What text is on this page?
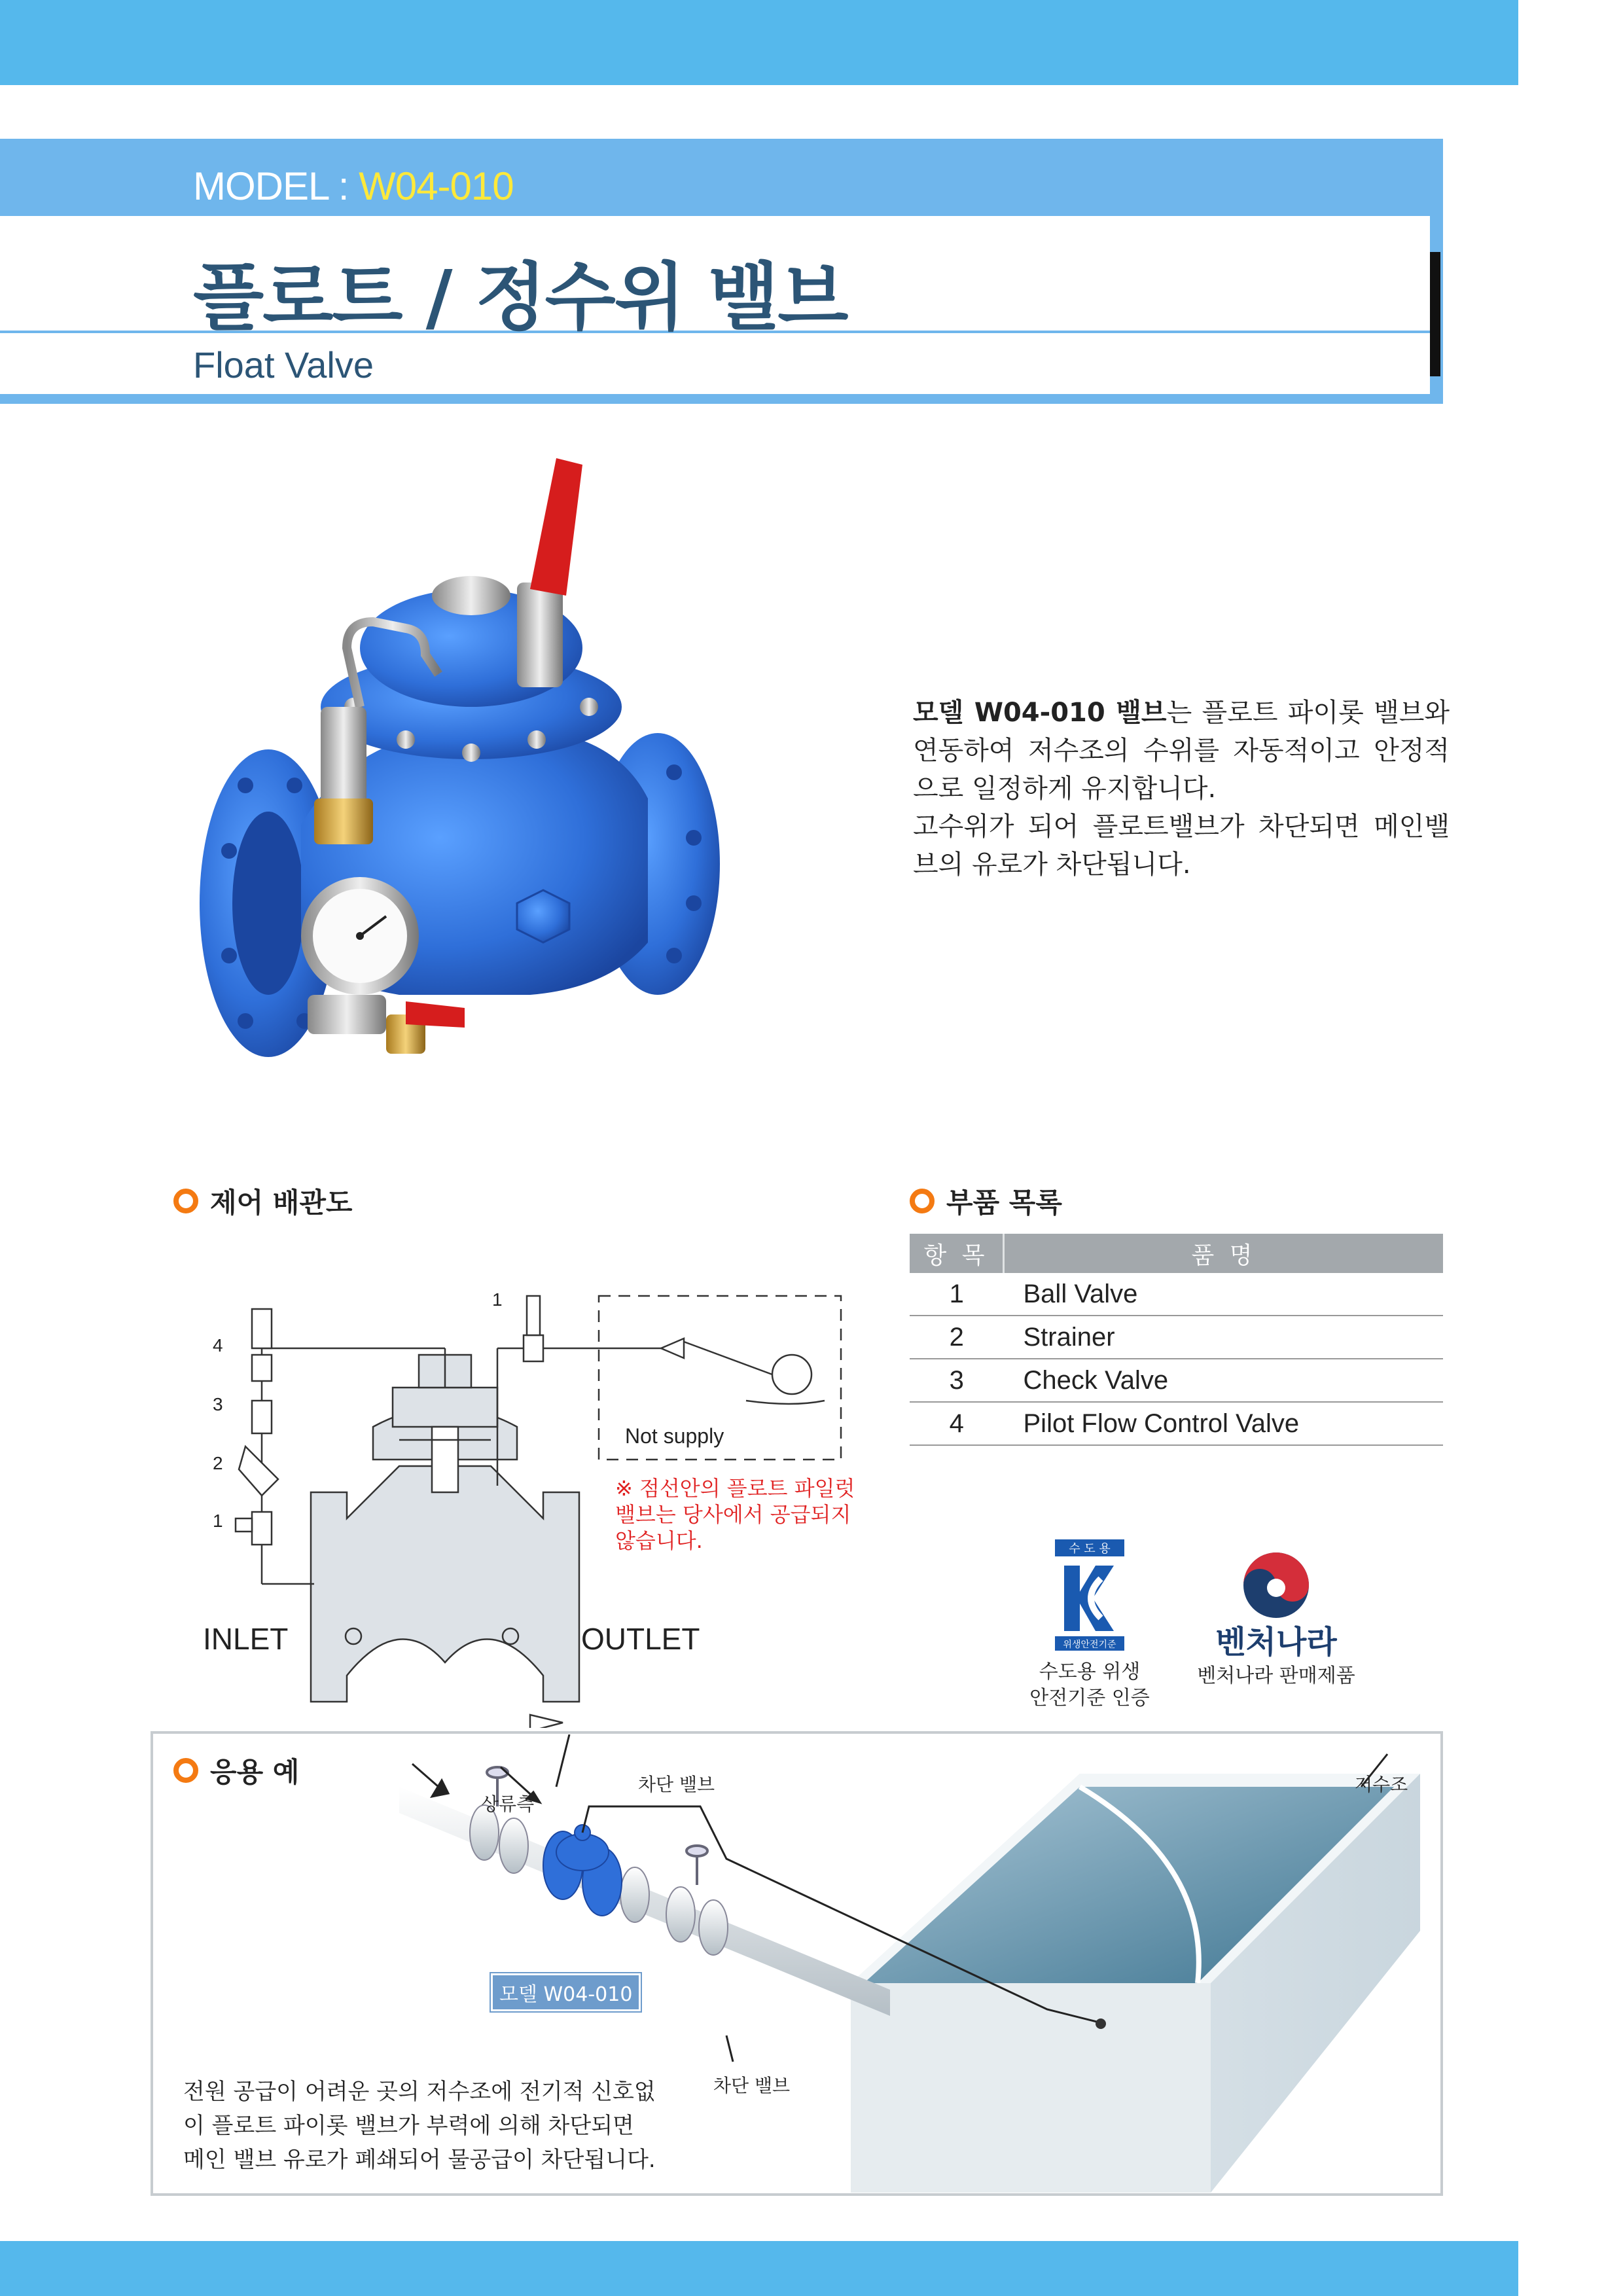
MODEL : W04-010
플로트 / 정수위 밸브
Float Valve

모델 W04-010 밸브는 플로트 파이롯 밸브와 연동하여 저수조의 수위를 자동적이고 안정적으로 일정하게 유지합니다.

고수위가 되어 플로트밸브가 차단되면 메인밸브의 유로가 차단됩니다.

제어 배관도	부품 목록
항 목	품 명
1	Ball Valve
2	Strainer
3	Check Valve
4	Pilot Flow Control Valve
1
1
2
3
4
Not supply
INLET	OUTLET
※ 점선안의 플로트 파일럿
밸브는 당사에서 공급되지
않습니다.	수 도 용
위생안전기준
수도용 위생
안전기준 인증
벤처나라
벤처나라 판매제품
응용 예
상류측
차단 밸브
차단 밸브
저수조
모델 W04-010

전원 공급이 어려운 곳의 저수조에 전기적 신호없

이 플로트 파이롯 밸브가 부력에 의해 차단되면

메인 밸브 유로가 폐쇄되어 물공급이 차단됩니다.
